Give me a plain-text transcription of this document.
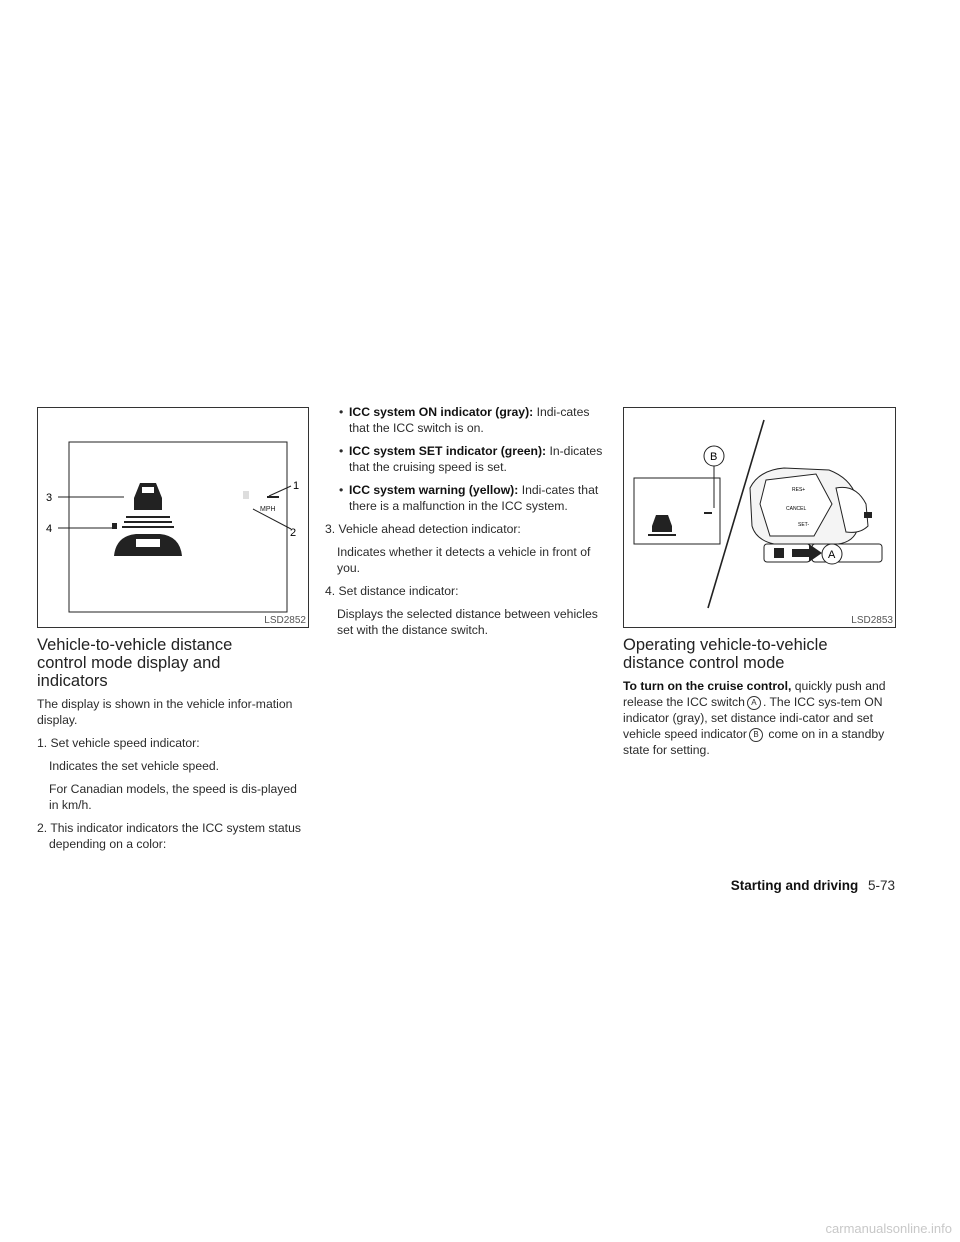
MPH
3
4
1
2
LSD2852
Vehicle-to-vehicle distance
control mode display and
indicators

The display is shown in the vehicle infor-mation display.

1. Set vehicle speed indicator:

Indicates the set vehicle speed.

For Canadian models, the speed is dis-played in km/h.

2. This indicator indicators the ICC system status depending on a color:

• ICC system ON indicator (gray): Indi-cates that the ICC switch is on.

• ICC system SET indicator (green): In-dicates that the cruising speed is set.

• ICC system warning (yellow): Indi-cates that there is a malfunction in the ICC system.

3. Vehicle ahead detection indicator:

Indicates whether it detects a vehicle in front of you.

4. Set distance indicator:

Displays the selected distance between vehicles set with the distance switch.

RES+
CANCEL
SET-
B
A
LSD2853
Operating vehicle-to-vehicle
distance control mode

To turn on the cruise control, quickly push and release the ICC switch A . The ICC sys-tem ON indicator (gray), set distance indi-cator and set vehicle speed indicator B come on in a standby state for setting.

Starting and driving 5-73
carmanualsonline.info
